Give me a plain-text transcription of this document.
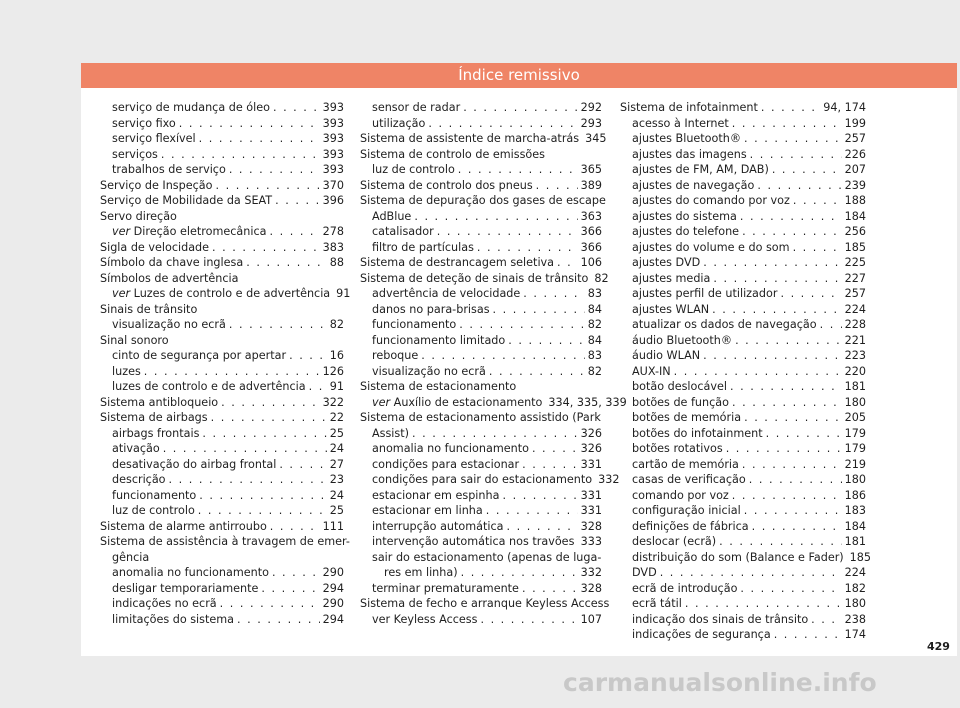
Índice remissivo
serviço de mudança de óleo . . .	393
serviço fixo . . .	393
serviço flexível . . .	393
serviços . . .	393
trabalhos de serviço . . .	393
Serviço de Inspeção . . .	370
Serviço de Mobilidade da SEAT . . .	396
Servo direção
ver Direção eletromecânica . . .	278
Sigla de velocidade . . .	383
Símbolo da chave inglesa . . .	88
Símbolos de advertência
ver Luzes de controlo e de advertência 91
Sinais de trânsito
visualização no ecrã . . .	82
Sinal sonoro
cinto de segurança por apertar . . .	16
luzes . . .	126
luzes de controlo e de advertência . . . 91
Sistema antibloqueio . . .	322
Sistema de airbags . . .	22
airbags frontais . . .	25
ativação . . .	24
desativação do airbag frontal . . .	27
descrição . . .	23
funcionamento . . .	24
luz de controlo . . .	25
Sistema de alarme antirroubo . . .	111
Sistema de assistência à travagem de emer-
gência
anomalia no funcionamento . . .	290
desligar temporariamente . . .	294
indicações no ecrã . . .	290
limitações do sistema . . .	294
sensor de radar . . .	292
utilização . . .	293
Sistema de assistente de marcha-atrás 345
Sistema de controlo de emissões
luz de controlo . . .	365
Sistema de controlo dos pneus . . .	389
Sistema de depuração dos gases de escape
AdBlue . . .	363
catalisador . . .	366
filtro de partículas . . .	366
Sistema de destrancagem seletiva . . . 106
Sistema de deteção de sinais de trânsito 82
advertência de velocidade . . .	83
danos no para-brisas . . .	84
funcionamento . . .	82
funcionamento limitado . . .	84
reboque . . .	83
visualização no ecrã . . .	82
Sistema de estacionamento
ver Auxílio de estacionamento 334, 335, 339
Sistema de estacionamento assistido (Park
Assist) . . .	326
anomalia no funcionamento . . .	326
condições para estacionar . . .	331
condições para sair do estacionamento 332
estacionar em espinha . . .	331
estacionar em linha . . .	331
interrupção automática . . .	328
intervenção automática nos travões . . . 333
sair do estacionamento (apenas de luga-
res em linha) . . .	332
terminar prematuramente . . .	328
Sistema de fecho e arranque Keyless Access
ver Keyless Access . . .	107
Sistema de infotainment . . .	94, 174
acesso à Internet . . .	199
ajustes Bluetooth® . . .	257
ajustes das imagens . . .	226
ajustes de FM, AM, DAB) . . .	207
ajustes de navegação . . .	239
ajustes do comando por voz . . .	188
ajustes do sistema . . .	184
ajustes do telefone . . .	256
ajustes do volume e do som . . .	185
ajustes DVD . . .	225
ajustes media . . .	227
ajustes perfil de utilizador . . .	257
ajustes WLAN . . .	224
atualizar os dados de navegação . . .	228
áudio Bluetooth® . . .	221
áudio WLAN . . .	223
AUX-IN . . .	220
botão deslocável . . .	181
botões de função . . .	180
botões de memória . . .	205
botões do infotainment . . .	179
botões rotativos . . .	179
cartão de memória . . .	219
casas de verificação . . .	180
comando por voz . . .	186
configuração inicial . . .	183
definições de fábrica . . .	184
deslocar (ecrã) . . .	181
distribuição do som (Balance e Fader) 185
DVD . . .	224
ecrã de introdução . . .	182
ecrã tátil . . .	180
indicação dos sinais de trânsito . . .	238
indicações de segurança . . .	174
429
carmanualsonline.info
